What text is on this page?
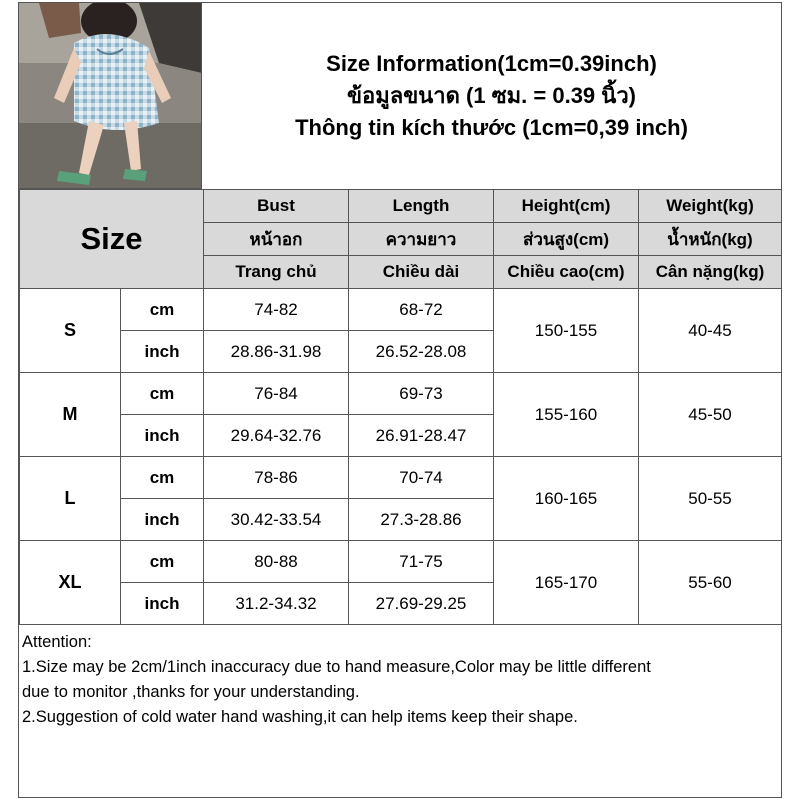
Size Information(1cm=0.39inch)
ข้อมูลขนาด (1 ซม. = 0.39 นิ้ว)
Thông tin kích thước (1cm=0,39 inch)
Size		Bust	Length	Height(cm)	Weight(kg)
		หน้าอก	ความยาว	ส่วนสูง(cm)	น้ำหนัก(kg)
		Trang chủ	Chiều dài	Chiều cao(cm)	Cân nặng(kg)
S	cm	74-82	68-72	150-155	40-45
	inch	28.86-31.98	26.52-28.08		
M	cm	76-84	69-73	155-160	45-50
	inch	29.64-32.76	26.91-28.47		
L	cm	78-86	70-74	160-165	50-55
	inch	30.42-33.54	27.3-28.86		
XL	cm	80-88	71-75	165-170	55-60
	inch	31.2-34.32	27.69-29.25		
Attention:
1.Size may be 2cm/1inch inaccuracy due to hand measure,Color may be little different
due to monitor ,thanks for your understanding.
2.Suggestion of cold water hand washing,it can help items keep their shape.
